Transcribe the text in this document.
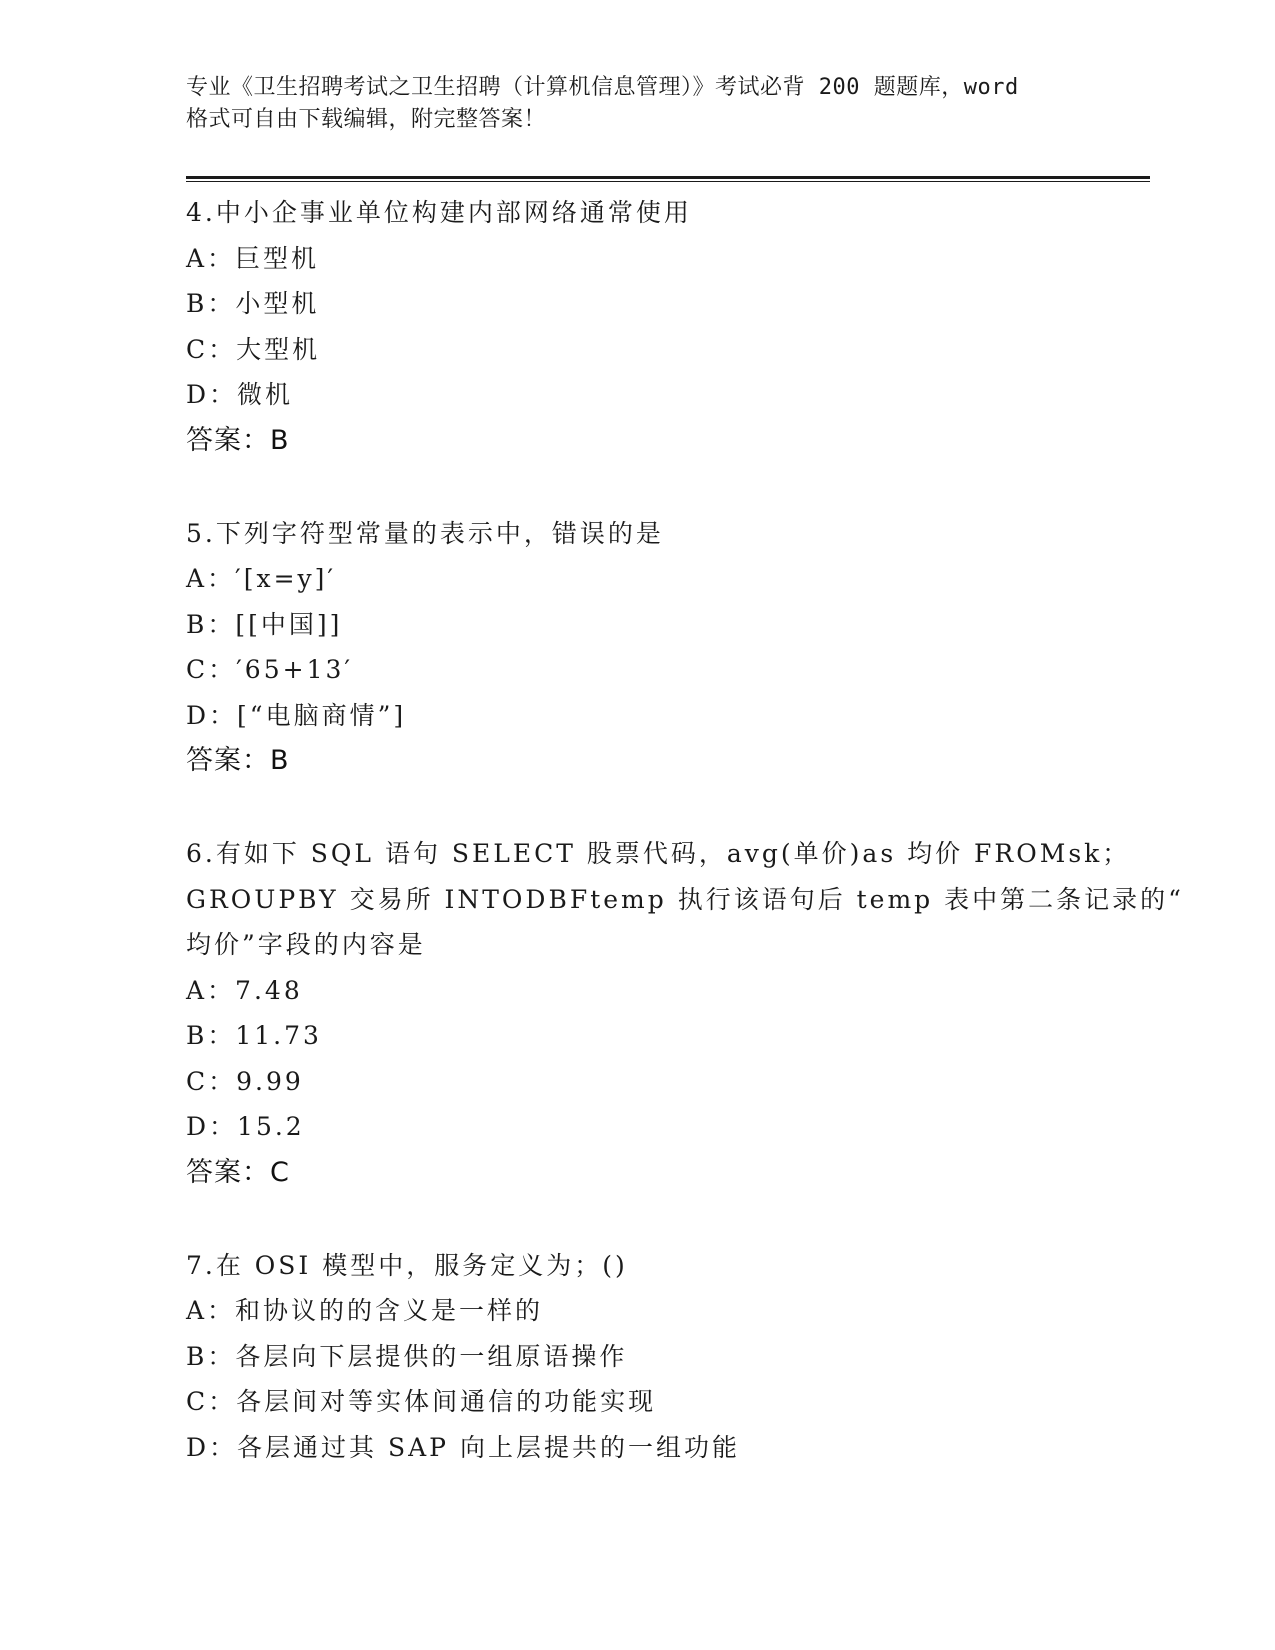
专业《卫生招聘考试之卫生招聘（计算机信息管理）》考试必背 200 题题库，word
格式可自由下载编辑，附完整答案！
4.中小企事业单位构建内部网络通常使用
A：巨型机
B：小型机
C：大型机
D：微机
答案：B
5.下列字符型常量的表示中，错误的是
A：′[x=y]′
B：[[中国]]
C：′65+13′
D：[“电脑商情”]
答案：B
6.有如下 SQL 语句 SELECT 股票代码，avg(单价)as 均价 FROMsk；
GROUPBY 交易所 INTODBFtemp 执行该语句后 temp 表中第二条记录的“
均价”字段的内容是
A：7.48
B：11.73
C：9.99
D：15.2
答案：C
7.在 OSI 模型中，服务定义为；()
A：和协议的的含义是一样的
B：各层向下层提供的一组原语操作
C：各层间对等实体间通信的功能实现
D：各层通过其 SAP 向上层提共的一组功能
